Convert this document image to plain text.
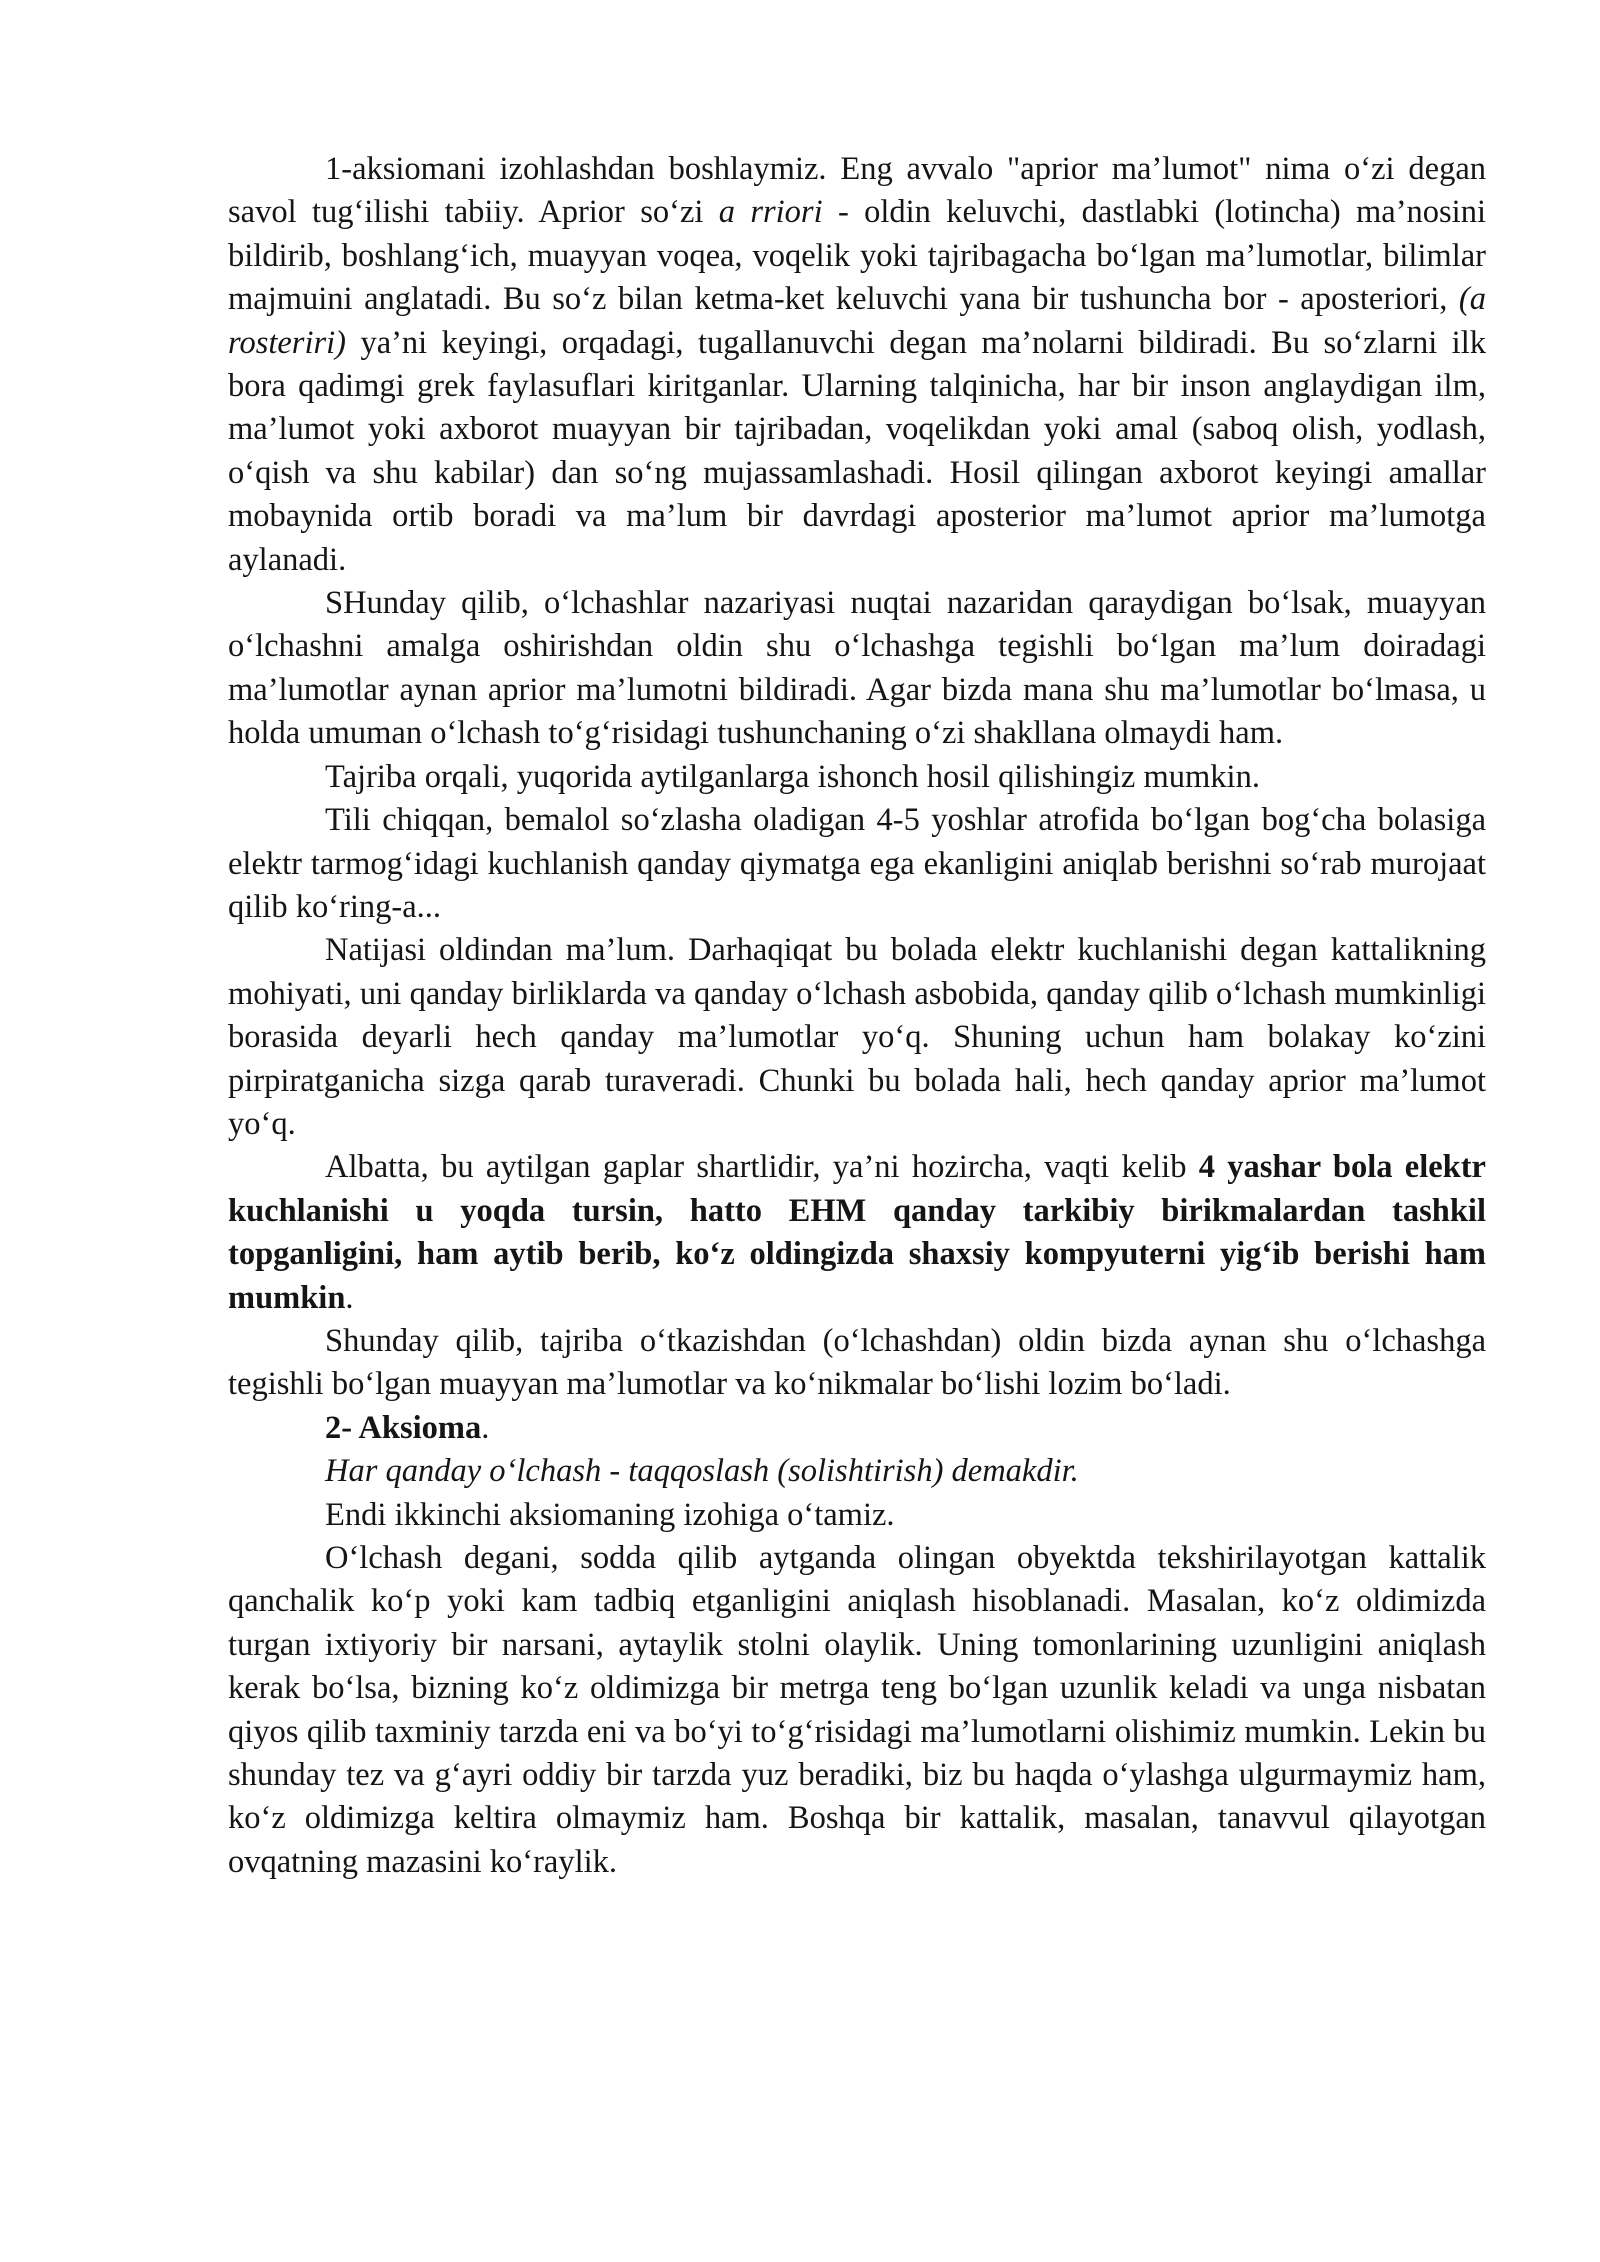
1-aksiomani izohlashdan boshlaymiz. Eng avvalo "aprior ma’lumot" nima o‘zi degan savol tug‘ilishi tabiiy. Aprior so‘zi a rriori - oldin keluvchi, dastlabki (lotincha) ma’nosini bildirib, boshlang‘ich, muayyan voqea, voqelik yoki tajribagacha bo‘lgan ma’lumotlar, bilimlar majmuini anglatadi. Bu so‘z bilan ketma-ket keluvchi yana bir tushuncha bor - aposteriori, (a rosteriri) ya’ni keyingi, orqadagi, tugallanuvchi degan ma’nolarni bildiradi. Bu so‘zlarni ilk bora qadimgi grek faylasuflari kiritganlar. Ularning talqinicha, har bir inson anglaydigan ilm, ma’lumot yoki axborot muayyan bir tajribadan, voqelikdan yoki amal (saboq olish, yodlash, o‘qish va shu kabilar) dan so‘ng mujassamlashadi. Hosil qilingan axborot keyingi amallar mobaynida ortib boradi va ma’lum bir davrdagi aposterior ma’lumot aprior ma’lumotga aylanadi.

SHunday qilib, o‘lchashlar nazariyasi nuqtai nazaridan qaraydigan bo‘lsak, muayyan o‘lchashni amalga oshirishdan oldin shu o‘lchashga tegishli bo‘lgan ma’lum doiradagi ma’lumotlar aynan aprior ma’lumotni bildiradi. Agar bizda mana shu ma’lumotlar bo‘lmasa, u holda umuman o‘lchash to‘g‘risidagi tushunchaning o‘zi shakllana olmaydi ham.

Tajriba orqali, yuqorida aytilganlarga ishonch hosil qilishingiz mumkin.

Tili chiqqan, bemalol so‘zlasha oladigan 4-5 yoshlar atrofida bo‘lgan bog‘cha bolasiga elektr tarmog‘idagi kuchlanish qanday qiymatga ega ekanligini aniqlab berishni so‘rab murojaat qilib ko‘ring-a...

Natijasi oldindan ma’lum. Darhaqiqat bu bolada elektr kuchlanishi degan kattalikning mohiyati, uni qanday birliklarda va qanday o‘lchash asbobida, qanday qilib o‘lchash mumkinligi borasida deyarli hech qanday ma’lumotlar yo‘q. Shuning uchun ham bolakay ko‘zini pirpiratganicha sizga qarab turaveradi. Chunki bu bolada hali, hech qanday aprior ma’lumot yo‘q.

Albatta, bu aytilgan gaplar shartlidir, ya’ni hozircha, vaqti kelib 4 yashar bola elektr kuchlanishi u yoqda tursin, hatto EHM qanday tarkibiy birikmalardan tashkil topganligini, ham aytib berib, ko‘z oldingizda shaxsiy kompyuterni yig‘ib berishi ham mumkin.

Shunday qilib, tajriba o‘tkazishdan (o‘lchashdan) oldin bizda aynan shu o‘lchashga tegishli bo‘lgan muayyan ma’lumotlar va ko‘nikmalar bo‘lishi lozim bo‘ladi.

2- Aksioma.

Har qanday o‘lchash - taqqoslash (solishtirish) demakdir.

Endi ikkinchi aksiomaning izohiga o‘tamiz.

O‘lchash degani, sodda qilib aytganda olingan obyektda tekshirilayotgan kattalik qanchalik ko‘p yoki kam tadbiq etganligini aniqlash hisoblanadi. Masalan, ko‘z oldimizda turgan ixtiyoriy bir narsani, aytaylik stolni olaylik. Uning tomonlarining uzunligini aniqlash kerak bo‘lsa, bizning ko‘z oldimizga bir metrga teng bo‘lgan uzunlik keladi va unga nisbatan qiyos qilib taxminiy tarzda eni va bo‘yi to‘g‘risidagi ma’lumotlarni olishimiz mumkin. Lekin bu shunday tez va g‘ayri oddiy bir tarzda yuz beradiki, biz bu haqda o‘ylashga ulgurmaymiz ham, ko‘z oldimizga keltira olmaymiz ham. Boshqa bir kattalik, masalan, tanavvul qilayotgan ovqatning mazasini ko‘raylik.
